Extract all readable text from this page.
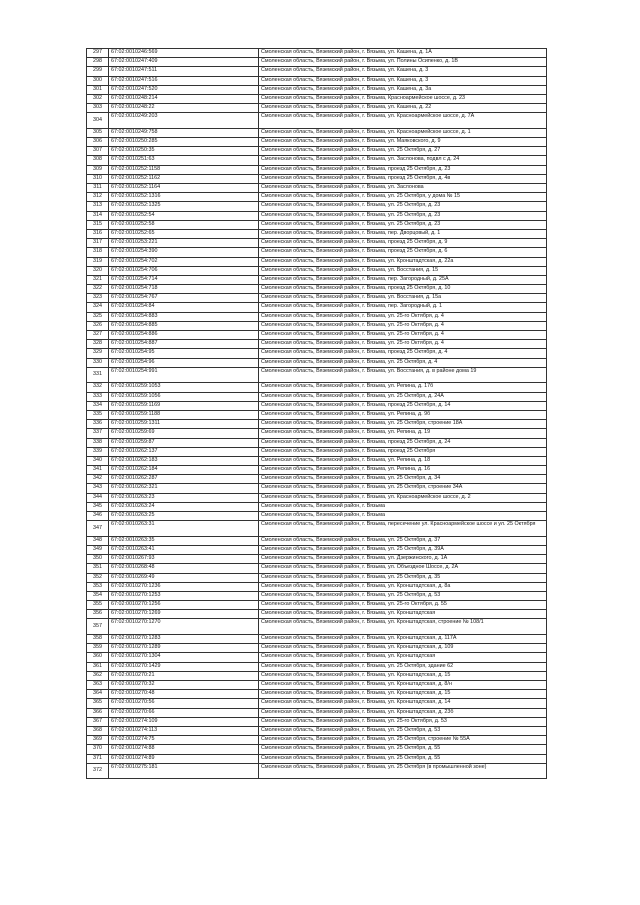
297	67:02:0010246:569	Смоленская область, Вяземский район, г. Вязьма, ул. Кашена, д. 1А
298	67:02:0010247:409	Смоленская область, Вяземский район, г. Вязьма, ул. Полины Осипенко, д. 1В
299	67:02:0010247:511	Смоленская область, Вяземский район, г. Вязьма, ул. Кашена, д. 3
300	67:02:0010247:516	Смоленская область, Вяземский район, г. Вязьма, ул. Кашена, д. 3
301	67:02:0010247:520	Смоленская область, Вяземский район, г. Вязьма, ул. Кашена, д. 3а
302	67:02:0010248:214	Смоленская область, Вяземский район, г. Вязьма, Красноармейское шоссе, д. 23
303	67:02:0010248:22	Смоленская область, Вяземский район, г. Вязьма, ул. Кашена, д. 22
304	67:02:0010249:203	Смоленская область, Вяземский район, г. Вязьма, ул. Красноармейское шоссе, д. 7А
305	67:02:0010249:758	Смоленская область, Вяземский район, г. Вязьма, ул. Красноармейское шоссе, д. 1
306	67:02:0010250:285	Смоленская область, Вяземский район, г. Вязьма, ул. Маяковского, д. 9
307	67:02:0010250:35	Смоленская область, Вяземский район, г. Вязьма, ул. 25 Октября, д. 27
308	67:02:0010251:63	Смоленская область, Вяземский район, г. Вязьма, ул. Заслонова, подвл с д. 24
309	67:02:0010252:1158	Смоленская область, Вяземский район, г. Вязьма, проезд 25 Октября, д. 23
310	67:02:0010252:1162	Смоленская область, Вяземский район, г. Вязьма, проезд 25 Октября, д. 4в
311	67:02:0010252:1164	Смоленская область, Вяземский район, г. Вязьма, ул. Заслонова
312	67:02:0010252:1316	Смоленская область, Вяземский район, г. Вязьма, ул. 25 Октября, у дома № 15
313	67:02:0010252:1325	Смоленская область, Вяземский район, г. Вязьма, ул. 25 Октября, д. 23
314	67:02:0010252:54	Смоленская область, Вяземский район, г. Вязьма, ул. 25 Октября, д. 23
315	67:02:0010252:58	Смоленская область, Вяземский район, г. Вязьма, ул. 25 Октября, д. 23
316	67:02:0010252:65	Смоленская область, Вяземский район, г. Вязьма, пер. Дворцовый, д. 1
317	67:02:0010253:221	Смоленская область, Вяземский район, г. Вязьма, проезд 25 Октября, д. 9
318	67:02:0010254:390	Смоленская область, Вяземский район, г. Вязьма, проезд 25 Октября, д. 6
319	67:02:0010254:702	Смоленская область, Вяземский район, г. Вязьма, ул. Кронштадтская, д. 22а
320	67:02:0010254:706	Смоленская область, Вяземский район, г. Вязьма, ул. Восстания, д. 15
321	67:02:0010254:714	Смоленская область, Вяземский район, г. Вязьма, пер. Загородный, д. 25А
322	67:02:0010254:718	Смоленская область, Вяземский район, г. Вязьма, проезд 25 Октября, д. 10
323	67:02:0010254:767	Смоленская область, Вяземский район, г. Вязьма, ул. Восстания, д. 15а
324	67:02:0010254:84	Смоленская область, Вяземский район, г. Вязьма, пер. Загородный, д. 1
325	67:02:0010254:883	Смоленская область, Вяземский район, г. Вязьма, ул. 25-го Октября, д. 4
326	67:02:0010254:885	Смоленская область, Вяземский район, г. Вязьма, ул. 25-го Октября, д. 4
327	67:02:0010254:886	Смоленская область, Вяземский район, г. Вязьма, ул. 25-го Октября, д. 4
328	67:02:0010254:887	Смоленская область, Вяземский район, г. Вязьма, ул. 25-го Октября, д. 4
329	67:02:0010254:95	Смоленская область, Вяземский район, г. Вязьма, проезд 25 Октября, д. 4
330	67:02:0010254:96	Смоленская область, Вяземский район, г. Вязьма, ул. 25 Октября, д. 4
331	67:02:0010254:991	Смоленская область, Вяземский район, г. Вязьма, ул. Восстания, д. в районе дома 19
332	67:02:0010259:1053	Смоленская область, Вяземский район, г. Вязьма, ул. Репина, д. 17б
333	67:02:0010259:1056	Смоленская область, Вяземский район, г. Вязьма, ул. 25 Октября, д. 24А
334	67:02:0010259:1169	Смоленская область, Вяземский район, г. Вязьма, проезд 25 Октября, д. 14
335	67:02:0010259:1188	Смоленская область, Вяземский район, г. Вязьма, ул. Репина, д. 9б
336	67:02:0010259:1311	Смоленская область, Вяземский район, г. Вязьма, ул. 25 Октября, строение 18А
337	67:02:0010259:69	Смоленская область, Вяземский район, г. Вязьма, ул. Репина, д. 19
338	67:02:0010259:87	Смоленская область, Вяземский район, г. Вязьма, проезд 25 Октября, д. 24
339	67:02:0010262:137	Смоленская область, Вяземский район, г. Вязьма, проезд 25 Октября
340	67:02:0010262:183	Смоленская область, Вяземский район, г. Вязьма, ул. Репина, д. 18
341	67:02:0010262:184	Смоленская область, Вяземский район, г. Вязьма, ул. Репина, д. 16
342	67:02:0010262:287	Смоленская область, Вяземский район, г. Вязьма, ул. 25 Октября, д. 34
343	67:02:0010262:321	Смоленская область, Вяземский район, г. Вязьма, ул. 25 Октября, строение 34А
344	67:02:0010263:23	Смоленская область, Вяземский район, г. Вязьма, ул. Красноармейское шоссе, д. 2
345	67:02:0010263:24	Смоленская область, Вяземский район, г. Вязьма
346	67:02:0010263:25	Смоленская область, Вяземский район, г. Вязьма
347	67:02:0010263:31	Смоленская область, Вяземский район, г. Вязьма, пересечение ул. Красноармейское шоссе и ул. 25 Октября
348	67:02:0010263:35	Смоленская область, Вяземский район, г. Вязьма, ул. 25 Октября, д. 37
349	67:02:0010263:41	Смоленская область, Вяземский район, г. Вязьма, ул. 25 Октября, д. 39А
350	67:02:0010267:93	Смоленская область, Вяземский район, г. Вязьма, ул. Дзержинского, д. 1А
351	67:02:0010268:48	Смоленская область, Вяземский район, г. Вязьма, ул. Объездное Шоссе, д. 2А
352	67:02:0010269:49	Смоленская область, Вяземский район, г. Вязьма, ул. 25 Октября, д. 35
353	67:02:0010270:1236	Смоленская область, Вяземский район, г. Вязьма, ул. Кронштадтская, д. 8а
354	67:02:0010270:1253	Смоленская область, Вяземский район, г. Вязьма, ул. 25 Октября, д. 53
355	67:02:0010270:1256	Смоленская область, Вяземский район, г. Вязьма, ул. 25-го Октября, д. 55
356	67:02:0010270:1269	Смоленская область, Вяземский район, г. Вязьма, ул. Кронштадтская
357	67:02:0010270:1270	Смоленская область, Вяземский район, г. Вязьма, ул. Кронштадтская, строение № 108/1
358	67:02:0010270:1283	Смоленская область, Вяземский район, г. Вязьма, ул. Кронштадтская, д. 117А
359	67:02:0010270:1289	Смоленская область, Вяземский район, г. Вязьма, ул. Кронштадтская, д. 109
360	67:02:0010270:1304	Смоленская область, Вяземский район, г. Вязьма, ул. Кронштадтская
361	67:02:0010270:1429	Смоленская область, Вяземский район, г. Вязьма, ул. 25 Октября, здание 62
362	67:02:0010270:21	Смоленская область, Вяземский район, г. Вязьма, ул. Кронштадтская, д. 15
363	67:02:0010270:32	Смоленская область, Вяземский район, г. Вязьма, ул. Кронштадтская, д. 8/н
364	67:02:0010270:48	Смоленская область, Вяземский район, г. Вязьма, ул. Кронштадтская, д. 15
365	67:02:0010270:56	Смоленская область, Вяземский район, г. Вязьма, ул. Кронштадтская, д. 14
366	67:02:0010270:66	Смоленская область, Вяземский район, г. Вязьма, ул. Кронштадтская, д. 23б
367	67:02:0010274:109	Смоленская область, Вяземский район, г. Вязьма, ул. 25-го Октября, д. 53
368	67:02:0010274:113	Смоленская область, Вяземский район, г. Вязьма, ул. 25 Октября, д. 53
369	67:02:0010274:75	Смоленская область, Вяземский район, г. Вязьма, ул. 25 Октября, строение № 55А
370	67:02:0010274:88	Смоленская область, Вяземский район, г. Вязьма, ул. 25 Октября, д. 55
371	67:02:0010274:89	Смоленская область, Вяземский район, г. Вязьма, ул. 25 Октября, д. 55
372	67:02:0010275:181	Смоленская область, Вяземский район, г. Вязьма, ул. 25 Октября (в промышленной зоне)
